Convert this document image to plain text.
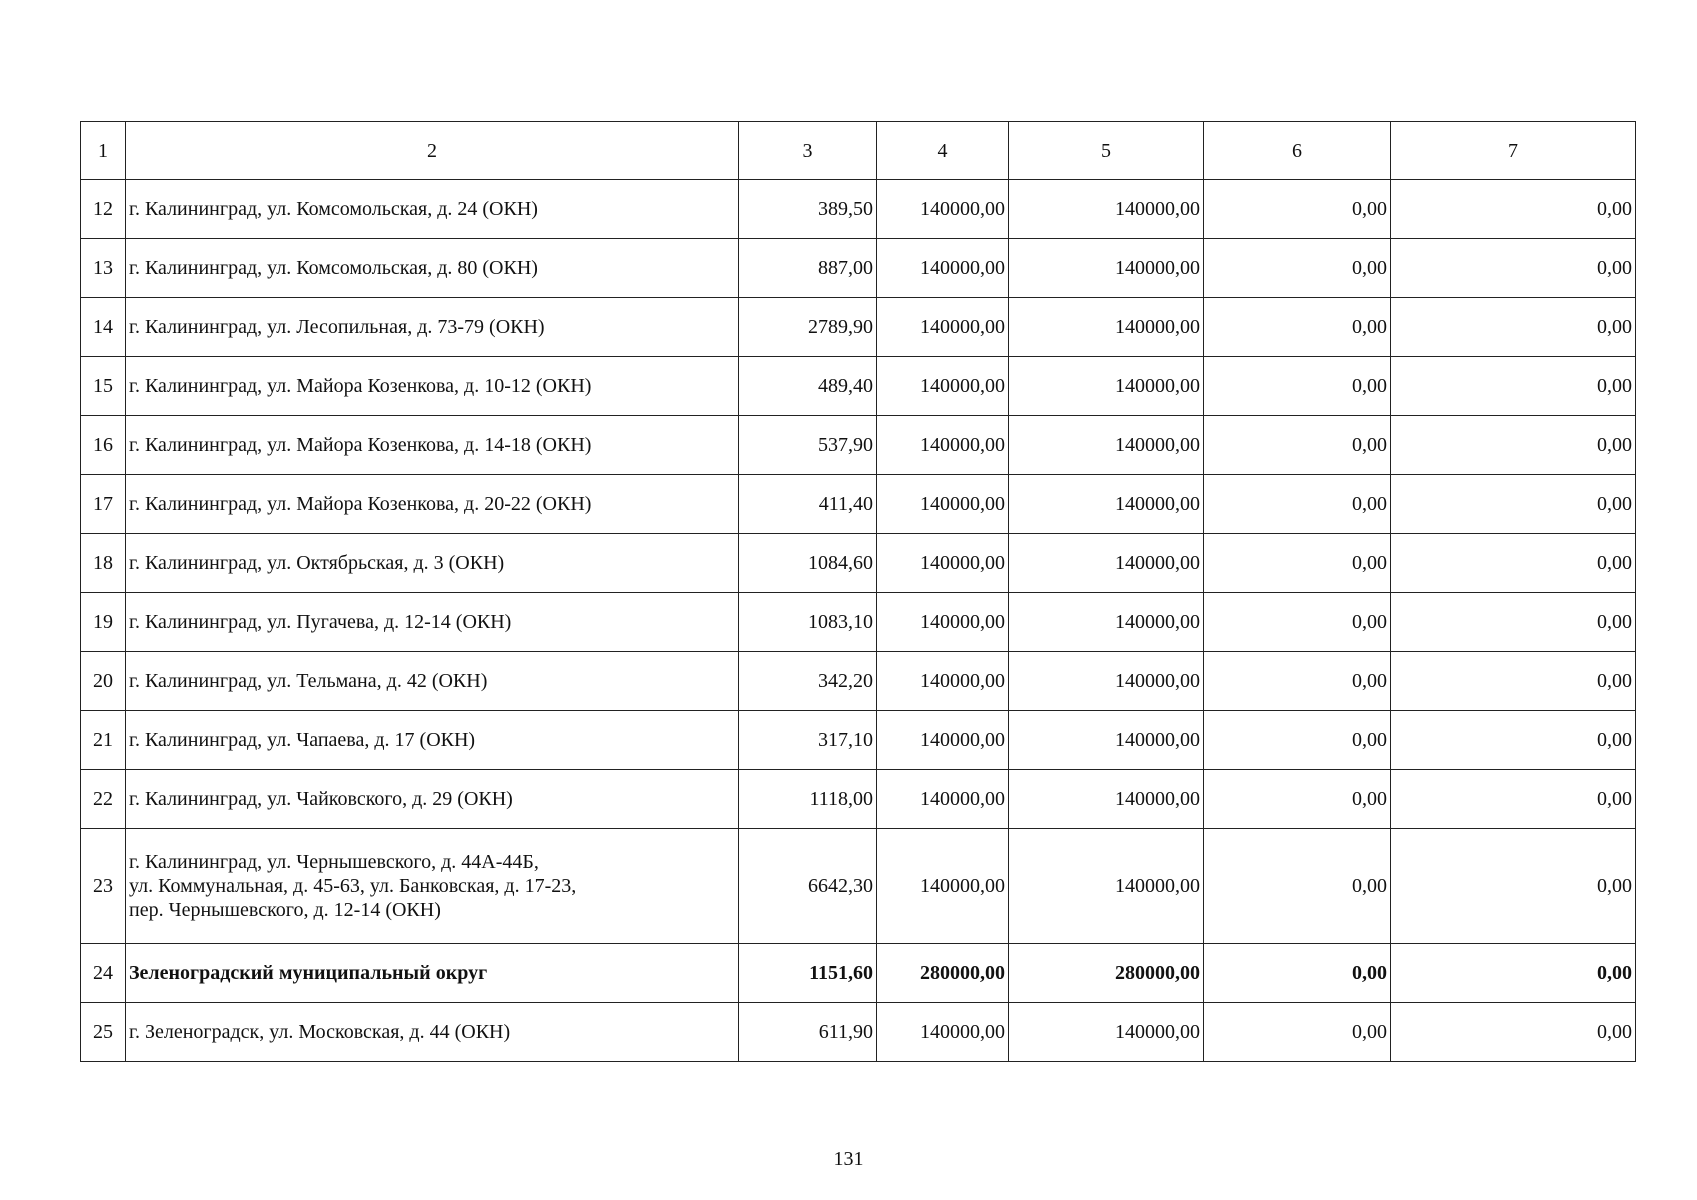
1	2	3	4	5	6	7
12	г. Калининград, ул. Комсомольская, д. 24 (ОКН)	389,50	140000,00	140000,00	0,00	0,00
13	г. Калининград, ул. Комсомольская, д. 80 (ОКН)	887,00	140000,00	140000,00	0,00	0,00
14	г. Калининград, ул. Лесопильная, д. 73-79 (ОКН)	2789,90	140000,00	140000,00	0,00	0,00
15	г. Калининград, ул. Майора Козенкова, д. 10-12 (ОКН)	489,40	140000,00	140000,00	0,00	0,00
16	г. Калининград, ул. Майора Козенкова, д. 14-18 (ОКН)	537,90	140000,00	140000,00	0,00	0,00
17	г. Калининград, ул. Майора Козенкова, д. 20-22 (ОКН)	411,40	140000,00	140000,00	0,00	0,00
18	г. Калининград, ул. Октябрьская, д. 3 (ОКН)	1084,60	140000,00	140000,00	0,00	0,00
19	г. Калининград, ул. Пугачева, д. 12-14 (ОКН)	1083,10	140000,00	140000,00	0,00	0,00
20	г. Калининград, ул. Тельмана, д. 42 (ОКН)	342,20	140000,00	140000,00	0,00	0,00
21	г. Калининград, ул. Чапаева, д. 17 (ОКН)	317,10	140000,00	140000,00	0,00	0,00
22	г. Калининград, ул. Чайковского, д. 29 (ОКН)	1118,00	140000,00	140000,00	0,00	0,00
23	г. Калининград, ул. Чернышевского, д. 44А-44Б,
ул. Коммунальная, д. 45-63, ул. Банковская, д. 17-23,
пер. Чернышевского, д. 12-14 (ОКН)	6642,30	140000,00	140000,00	0,00	0,00
24	Зеленоградский муниципальный округ	1151,60	280000,00	280000,00	0,00	0,00
25	г. Зеленоградск, ул. Московская, д. 44 (ОКН)	611,90	140000,00	140000,00	0,00	0,00
131
